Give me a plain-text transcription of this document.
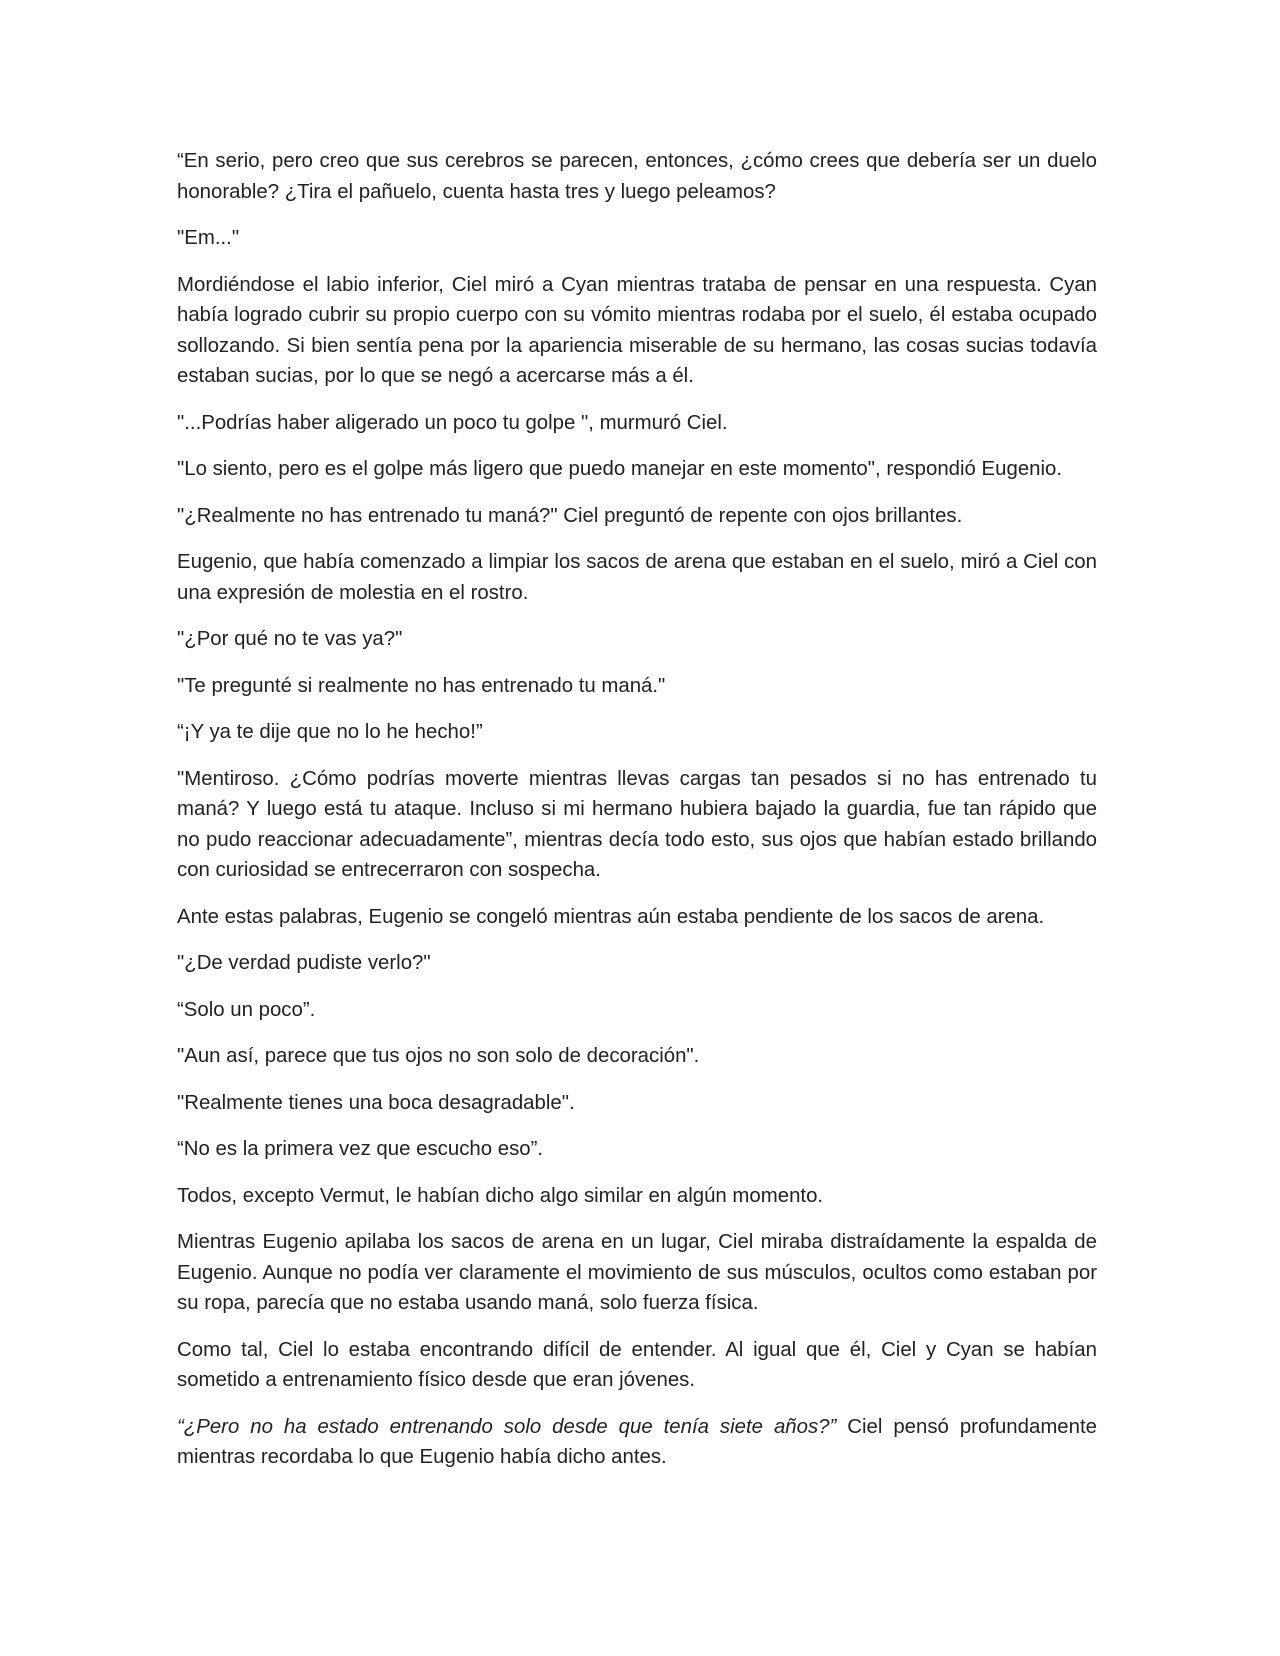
“En serio, pero creo que sus cerebros se parecen, entonces, ¿cómo crees que debería ser un duelo honorable? ¿Tira el pañuelo, cuenta hasta tres y luego peleamos?

"Em..."

Mordiéndose el labio inferior, Ciel miró a Cyan mientras trataba de pensar en una respuesta. Cyan había logrado cubrir su propio cuerpo con su vómito mientras rodaba por el suelo, él estaba ocupado sollozando. Si bien sentía pena por la apariencia miserable de su hermano, las cosas sucias todavía estaban sucias, por lo que se negó a acercarse más a él.

"...Podrías haber aligerado un poco tu golpe ", murmuró Ciel.

"Lo siento, pero es el golpe más ligero que puedo manejar en este momento", respondió Eugenio.

"¿Realmente no has entrenado tu maná?" Ciel preguntó de repente con ojos brillantes.

Eugenio, que había comenzado a limpiar los sacos de arena que estaban en el suelo, miró a Ciel con una expresión de molestia en el rostro.

"¿Por qué no te vas ya?"

"Te pregunté si realmente no has entrenado tu maná."

“¡Y ya te dije que no lo he hecho!”

"Mentiroso. ¿Cómo podrías moverte mientras llevas cargas tan pesados si no has entrenado tu maná? Y luego está tu ataque. Incluso si mi hermano hubiera bajado la guardia, fue tan rápido que no pudo reaccionar adecuadamente”, mientras decía todo esto, sus ojos que habían estado brillando con curiosidad se entrecerraron con sospecha.

Ante estas palabras, Eugenio se congeló mientras aún estaba pendiente de los sacos de arena.

"¿De verdad pudiste verlo?"

“Solo un poco”.

"Aun así, parece que tus ojos no son solo de decoración".

"Realmente tienes una boca desagradable".

“No es la primera vez que escucho eso”.

Todos, excepto Vermut, le habían dicho algo similar en algún momento.

Mientras Eugenio apilaba los sacos de arena en un lugar, Ciel miraba distraídamente la espalda de Eugenio. Aunque no podía ver claramente el movimiento de sus músculos, ocultos como estaban por su ropa, parecía que no estaba usando maná, solo fuerza física.

Como tal, Ciel lo estaba encontrando difícil de entender. Al igual que él, Ciel y Cyan se habían sometido a entrenamiento físico desde que eran jóvenes.

“¿Pero no ha estado entrenando solo desde que tenía siete años?” Ciel pensó profundamente mientras recordaba lo que Eugenio había dicho antes.
